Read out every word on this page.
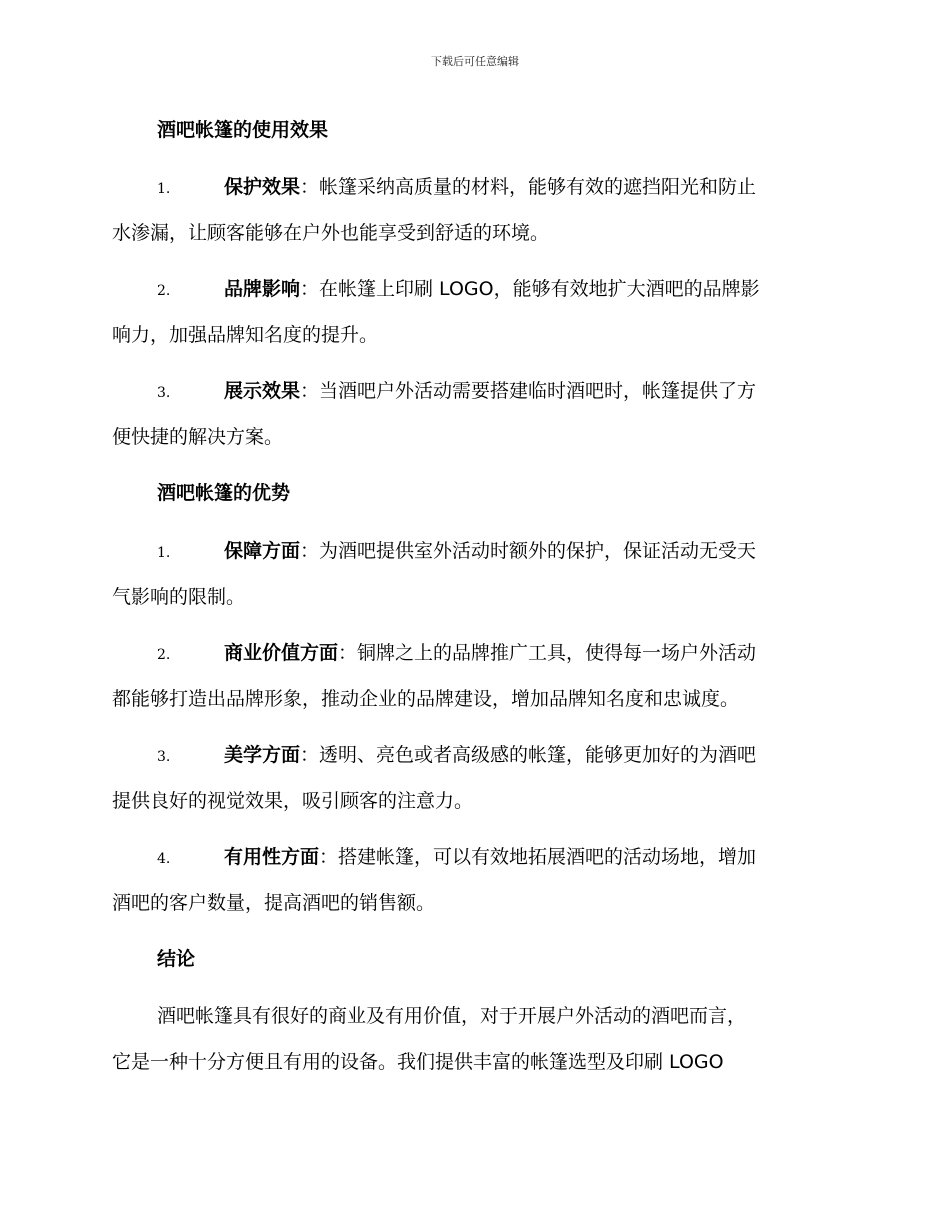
下载后可任意编辑
酒吧帐篷的使用效果
1.	保护效果：帐篷采纳高质量的材料，能够有效的遮挡阳光和防止
水渗漏，让顾客能够在户外也能享受到舒适的环境。
2.	品牌影响：在帐篷上印刷 LOGO，能够有效地扩大酒吧的品牌影
响力，加强品牌知名度的提升。
3.	展示效果：当酒吧户外活动需要搭建临时酒吧时，帐篷提供了方
便快捷的解决方案。
酒吧帐篷的优势
1.	保障方面：为酒吧提供室外活动时额外的保护，保证活动无受天
气影响的限制。
2.	商业价值方面：铜牌之上的品牌推广工具，使得每一场户外活动
都能够打造出品牌形象，推动企业的品牌建设，增加品牌知名度和忠诚度。
3.	美学方面：透明、亮色或者高级感的帐篷，能够更加好的为酒吧
提供良好的视觉效果，吸引顾客的注意力。
4.	有用性方面：搭建帐篷，可以有效地拓展酒吧的活动场地，增加
酒吧的客户数量，提高酒吧的销售额。
结论
酒吧帐篷具有很好的商业及有用价值，对于开展户外活动的酒吧而言，
它是一种十分方便且有用的设备。我们提供丰富的帐篷选型及印刷 LOGO
